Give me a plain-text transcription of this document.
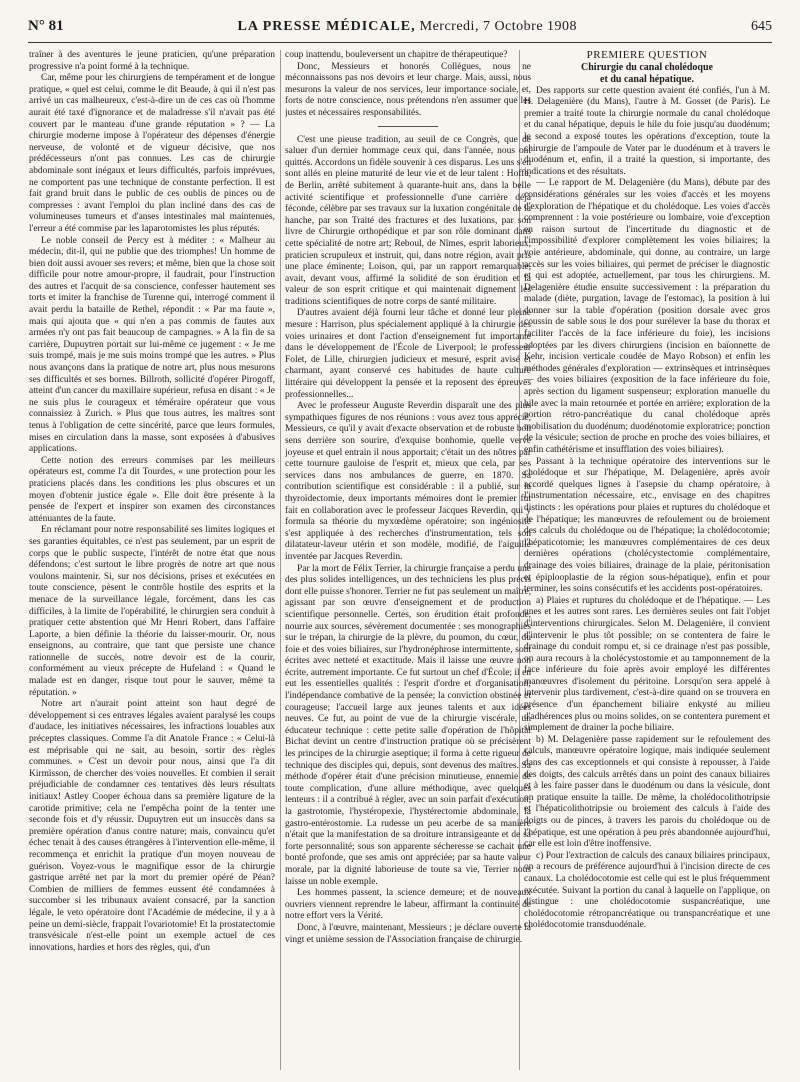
N° 81	LA PRESSE MÉDICALE, Mercredi, 7 Octobre 1908	645

traîner à des aventures le jeune praticien, qu'une préparation progressive n'a point formé à la technique.

Car, même pour les chirurgiens de tempérament et de longue pratique, « quel est celui, comme le dit Beaude, à qui il n'est pas arrivé un cas malheureux, c'est-à-dire un de ces cas où l'homme aurait été taxé d'ignorance et de maladresse s'il n'avait pas été couvert par le manteau d'une grande réputation » ? — La chirurgie moderne impose à l'opérateur des dépenses d'énergie nerveuse, de volonté et de vigueur décisive, que nos prédécesseurs n'ont pas connues. Les cas de chirurgie abdominale sont inégaux et leurs difficultés, parfois imprévues, ne comportent pas une technique de constante perfection. Il est fait grand bruit dans le public de ces oublis de pinces ou de compresses : avant l'emploi du plan incliné dans des cas de volumineuses tumeurs et d'anses intestinales mal maintenues, l'erreur a été commise par les laparotomistes les plus réputés.

Le noble conseil de Percy est à méditer : « Malheur au médecin, dit-il, qui ne publie que des triomphes! Un homme de bien doit aussi avouer ses revers; et même, bien que la chose soit difficile pour notre amour-propre, il faudrait, pour l'instruction des autres et l'acquit de sa conscience, confesser hautement ses torts et imiter la franchise de Turenne qui, interrogé comment il avait perdu la bataille de Rethel, répondit : « Par ma faute », mais qui ajouta que « qui n'en a pas commis de fautes aux armées n'y ont pas fait beaucoup de campagnes. » A la fin de sa carrière, Dupuytren portait sur lui-même ce jugement : « Je me suis trompé, mais je me suis moins trompé que les autres. » Plus nous avançons dans la pratique de notre art, plus nous mesurons ses difficultés et ses bornes. Billroth, sollicité d'opérer Pirogoff, atteint d'un cancer du maxillaire supérieur, refusa en disant : « Je ne suis plus le courageux et téméraire opérateur que vous connaissiez à Zurich. » Plus que tous autres, les maîtres sont tenus à l'obligation de cette sincérité, parce que leurs formules, mises en circulation dans la masse, sont exposées à d'abusives applications.

Cette notion des erreurs commises par les meilleurs opérateurs est, comme l'a dit Tourdes, « une protection pour les praticiens placés dans les conditions les plus obscures et un moyen d'obtenir justice égale ». Elle doit être présente à la pensée de l'expert et inspirer son examen des circonstances atténuantes de la faute.

En réclamant pour notre responsabilité ses limites logiques et ses garanties équitables, ce n'est pas seulement, par un esprit de corps que le public suspecte, l'intérêt de notre état que nous défendons; c'est surtout le libre progrès de notre art que nous voulons maintenir. Si, sur nos décisions, prises et exécutées en toute conscience, pèsent le contrôle hostile des esprits et la menace de la surveillance légale, forcément, dans les cas difficiles, à la limite de l'opérabilité, le chirurgien sera conduit à pratiquer cette abstention que Mr Henri Robert, dans l'affaire Laporte, a bien définie la théorie du laisser-mourir. Or, nous enseignons, au contraire, que tant que persiste une chance rationnelle de succès, notre devoir est de la courir, conformément au vieux précepte de Hufeland : « Quand le malade est en danger, risque tout pour le sauver, même ta réputation. »

Notre art n'aurait point atteint son haut degré de développement si ces entraves légales avaient paralysé les coups d'audace, les initiatives nécessaires, les infractions louables aux préceptes classiques. Comme l'a dit Anatole France : « Celui-là est méprisable qui ne sait, au besoin, sortir des règles communes. » C'est un devoir pour nous, ainsi que l'a dit Kirmisson, de chercher des voies nouvelles. Et combien il serait préjudiciable de condamner ces tentatives dès leurs résultats initiaux! Astley Cooper échoua dans sa première ligature de la carotide primitive; cela ne l'empêcha point de la tenter une seconde fois et d'y réussir. Dupuytren eut un insuccès dans sa première opération d'anus contre nature; mais, convaincu qu'et échec tenait à des causes étrangères à l'intervention elle-même, il recommença et enrichit la pratique d'un moyen nouveau de guérison. Voyez-vous le magnifique essor de la chirurgie gastrique arrêté net par la mort du premier opéré de Péan? Combien de milliers de femmes eussent été condamnées à succomber si les tribunaux avaient consacré, par la sanction légale, le veto opératoire dont l'Académie de médecine, il y a à peine un demi-siècle, frappait l'ovariotomie! Et la prostatectomie transvésicale n'est-elle point un exemple actuel de ces innovations, hardies et hors des règles, qui, d'un

coup inattendu, bouleversent un chapitre de thérapeutique?

Donc, Messieurs et honorés Collègues, nous ne méconnaissons pas nos devoirs et leur charge. Mais, aussi, nous mesurons la valeur de nos services, leur importance sociale, et, forts de notre conscience, nous prétendons n'en assumer que les justes et nécessaires responsabilités.

C'est une pieuse tradition, au seuil de ce Congrès, que de saluer d'un dernier hommage ceux qui, dans l'année, nous ont quittés. Accordons un fidèle souvenir à ces disparus. Les uns s'en sont allés en pleine maturité de leur vie et de leur talent : Hoffa, de Berlin, arrêté subitement à quarante-huit ans, dans la belle activité scientifique et professionnelle d'une carrière déjà féconde, célèbre par ses travaux sur la luxation congénitale de la hanche, par son Traité des fractures et des luxations, par son livre de Chirurgie orthopédique et par son rôle dominant dans cette spécialité de notre art; Reboul, de Nîmes, esprit laborieux, praticien scrupuleux et instruit, qui, dans notre région, avait pris une place éminente; Loison, qui, par un rapport remarquable, avait, devant vous, affirmé la solidité de son érudition et la valeur de son esprit critique et qui maintenait dignement les traditions scientifiques de notre corps de santé militaire.

D'autres avaient déjà fourni leur tâche et donné leur pleine mesure : Harrison, plus spécialement appliqué à la chirurgie des voies urinaires et dont l'action d'enseignement fut importante dans le développement de l'École de Liverpool; le professeur Folet, de Lille, chirurgien judicieux et mesuré, esprit avisé et charmant, ayant conservé ces habitudes de haute culture littéraire qui développent la pensée et la reposent des épreuves professionnelles...

Avec le professeur Auguste Reverdin disparaît une des plus sympathiques figures de nos réunions : vous avez tous apprécié, Messieurs, ce qu'il y avait d'exacte observation et de robuste bon sens derrière son sourire, d'exquise bonhomie, quelle verve joyeuse et quel entrain il nous apportait; c'était un des nôtres par cette tournure gauloise de l'esprit et, mieux que cela, par ses services dans nos ambulances de guerre, en 1870. Sa contribution scientifique est considérable : il a publié, sur la thyroïdectomie, deux importants mémoires dont le premier fut fait en collaboration avec le professeur Jacques Reverdin, qui y formula sa théorie du myxœdème opératoire; son ingéniosité s'est appliquée à des recherches d'instrumentation, tels son dilatateur-laveur utérin et son modèle, modifié, de l'aiguille inventée par Jacques Reverdin.

Par la mort de Félix Terrier, la chirurgie française a perdu une des plus solides intelligences, un des techniciens les plus précis dont elle puisse s'honorer. Terrier ne fut pas seulement un maître, agissant par son œuvre d'enseignement et de production scientifique personnelle. Certes, son érudition était profonde, nourrie aux sources, sévèrement documentée : ses monographies sur le trépan, la chirurgie de la plèvre, du poumon, du cœur, du foie et des voies biliaires, sur l'hydronéphrose intermittente, sont écrites avec netteté et exactitude. Mais il laisse une œuvre non écrite, autrement importante. Ce fut surtout un chef d'École; il en eut les essentielles qualités : l'esprit d'ordre et d'organisation; l'indépendance combative de la pensée; la conviction obstinée et courageuse; l'accueil large aux jeunes talents et aux idées neuves. Ce fut, au point de vue de la chirurgie viscérale, un éducateur technique : cette petite salle d'opération de l'hôpital Bichat devint un centre d'instruction pratique où se précisèrent les principes de la chirurgie aseptique; il forma à cette rigueur de technique des disciples qui, depuis, sont devenus des maîtres. Sa méthode d'opérer était d'une précision minutieuse, ennemie de toute complication, d'une allure méthodique, avec quelques lenteurs : il a contribué à régler, avec un soin parfait d'exécution, la gastrotomie, l'hystéropexie, l'hystérectomie abdominale, la gastro-entérostomie. La rudesse un peu acerbe de sa manière n'était que la manifestation de sa droiture intransigeante et de sa forte personnalité; sous son apparente sécheresse se cachait une bonté profonde, que ses amis ont appréciée; par sa haute valeur morale, par la dignité laborieuse de toute sa vie, Terrier nous laisse un noble exemple.

Les hommes passent, la science demeure; et de nouveaux ouvriers viennent reprendre le labeur, affirmant la continuité de notre effort vers la Vérité.

Donc, à l'œuvre, maintenant, Messieurs ; je déclare ouverte la vingt et unième session de l'Association française de chirurgie.

PREMIÈRE QUESTION

Chirurgie du canal cholédoque
et du canal hépatique.

Des rapports sur cette question avaient été confiés, l'un à M. H. Delagenière (du Mans), l'autre à M. Gosset (de Paris). Le premier a traité toute la chirurgie normale du canal cholédoque et du canal hépatique, depuis le hile du foie jusqu'au duodénum; le second a exposé toutes les opérations d'exception, toute la chirurgie de l'ampoule de Vater par le duodénum et à travers le duodénum et, enfin, il a traité la question, si importante, des indications et des résultats.

— Le rapport de M. Delagenière (du Mans), débute par des considérations générales sur les voies d'accès et les moyens d'exploration de l'hépatique et du cholédoque. Les voies d'accès comprennent : la voie postérieure ou lombaire, voie d'exception en raison surtout de l'incertitude du diagnostic et de l'impossibilité d'explorer complètement les voies biliaires; la voie antérieure, abdominale, qui donne, au contraire, un large accès sur les voies biliaires, qui permet de préciser le diagnostic et qui est adoptée, actuellement, par tous les chirurgiens. M. Delagenière étudie ensuite successivement : la préparation du malade (diète, purgation, lavage de l'estomac), la position à lui donner sur la table d'opération (position dorsale avec gros coussin de sable sous le dos pour surélever la base du thorax et faciliter l'accès de la face inférieure du foie), les incisions adoptées par les divers chirurgiens (incision en baïonnette de Kehr, incision verticale coudée de Mayo Robson) et enfin les méthodes générales d'exploration — extrinsèques et intrinsèques — des voies biliaires (exposition de la face inférieure du foie, après section du ligament suspenseur; exploration manuelle du hile avec la main retournée et portée en arrière; exploration de la portion rétro-pancréatique du canal cholédoque après mobilisation du duodénum; duodénotomie exploratrice; ponction de la vésicule; section de proche en proche des voies biliaires, et enfin cathétérisme et insufflation des voies biliaires).

Passant à la technique opératoire des interventions sur le cholédoque et sur l'hépatique, M. Delagenière, après avoir accordé quelques lignes à l'asepsie du champ opératoire, à l'instrumentation nécessaire, etc., envisage en des chapitres distincts : les opérations pour plaies et ruptures du cholédoque et de l'hépatique; les manœuvres de refoulement ou de broiement des calculs du cholédoque ou de l'hépatique; la cholédocotomie; l'hépaticotomie; les manœuvres complémentaires de ces deux dernières opérations (cholécystectomie complémentaire, drainage des voies biliaires, drainage de la plaie, péritonisation et épiplooplastie de la région sous-hépatique), enfin et pour terminer, les soins consécutifs et les accidents post-opératoires.

a) Plaies et ruptures du cholédoque et de l'hépatique. — Les unes et les autres sont rares. Les dernières seules ont fait l'objet d'interventions chirurgicales. Selon M. Delagenière, il convient d'intervenir le plus tôt possible; on se contentera de faire le drainage du conduit rompu et, si ce drainage n'est pas possible, on aura recours à la cholécystostomie et au tamponnement de la face inférieure du foie après avoir employé les différentes manœuvres d'isolement du péritoine. Lorsqu'on sera appelé à intervenir plus tardivement, c'est-à-dire quand on se trouvera en présence d'un épanchement biliaire enkysté au milieu d'adhérences plus ou moins solides, on se contentera purement et simplement de drainer la poche biliaire.

b) M. Delagenière passe rapidement sur le refoulement des calculs, manœuvre opératoire logique, mais indiquée seulement dans des cas exceptionnels et qui consiste à repousser, à l'aide des doigts, des calculs arrêtés dans un point des canaux biliaires et à les faire passer dans le duodénum ou dans la vésicule, dont on pratique ensuite la taille. De même, la cholédocolithotripsie et l'hépaticolithotripsie ou broiement des calculs à l'aide des doigts ou de pinces, à travers les parois du cholédoque ou de l'hépatique, est une opération à peu près abandonnée aujourd'hui, car elle est loin d'être inoffensive.

c) Pour l'extraction de calculs des canaux biliaires principaux, on a recours de préférence aujourd'hui à l'incision directe de ces canaux. La cholédocotomie est celle qui est le plus fréquemment exécutée. Suivant la portion du canal à laquelle on l'applique, on distingue : une cholédocotomie suspancréatique, une cholédocotomie rétropancréatique ou transpancréatique et une cholédocotomie transduodénale.
